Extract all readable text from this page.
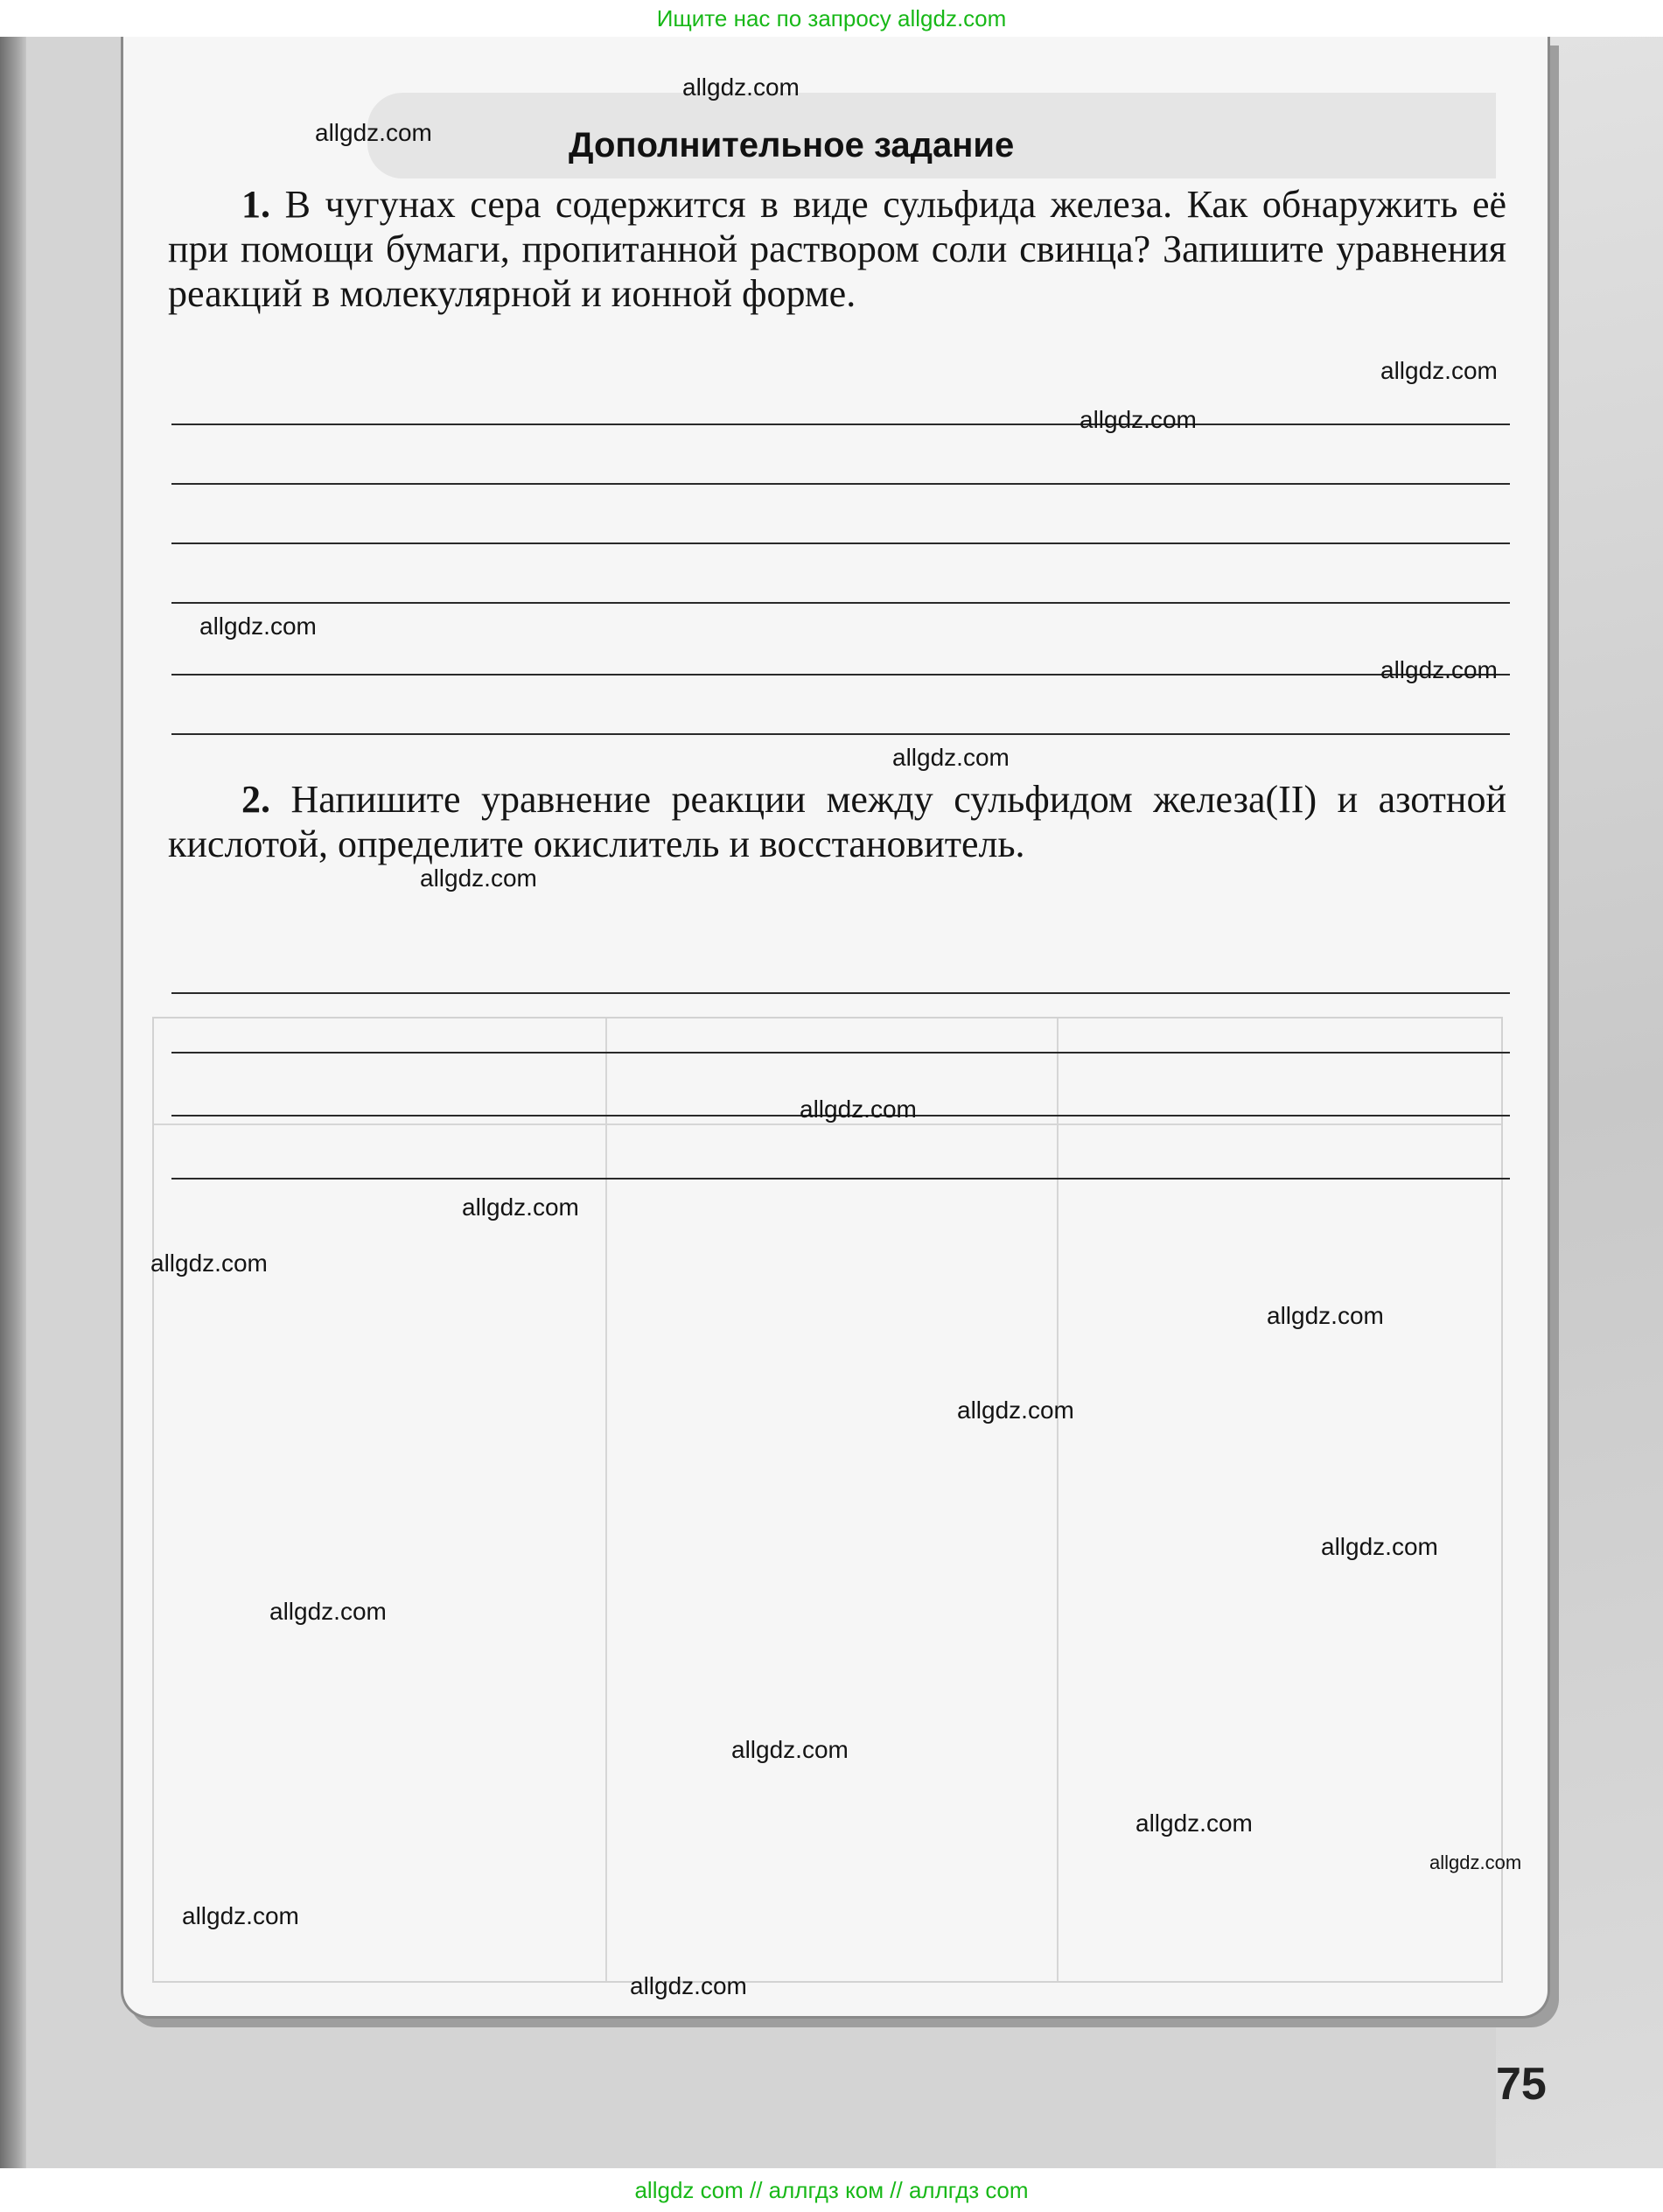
Ищите нас по запросу allgdz.com
Дополнительное задание

1. В чугунах сера содержится в виде сульфида железа. Как обнаружить её при помощи бумаги, пропитанной раствором соли свинца? Запишите уравнения реакций в молекулярной и ионной форме.

2. Напишите уравнение реакции между сульфидом железа(II) и азотной кислотой, определите окислитель и восстановитель.

allgdz.com
allgdz.com
allgdz.com
allgdz.com
allgdz.com
allgdz.com
allgdz.com
allgdz.com
allgdz.com
allgdz.com
allgdz.com
allgdz.com
allgdz.com
allgdz.com
allgdz.com
allgdz.com
allgdz.com
allgdz.com
allgdz.com
allgdz.com
75
allgdz com // аллгдз ком // аллгдз com
